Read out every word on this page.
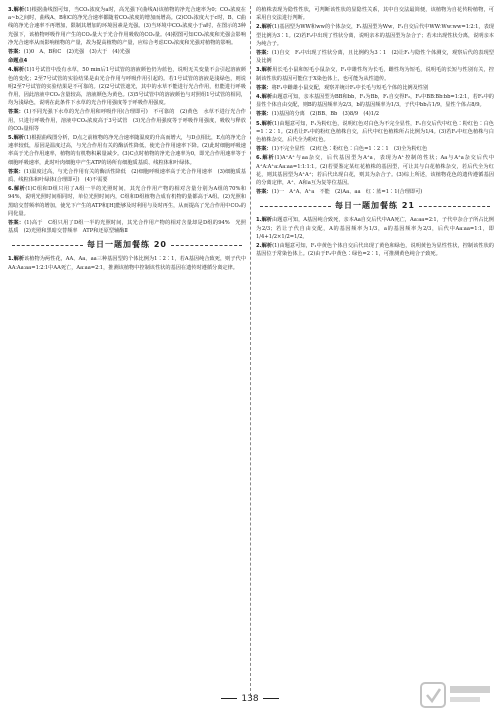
3.解析(1)根据曲线图可知，当CO₂浓度为a时，高光强下(曲线A)该植物的净光合速率为0；CO₂浓度在a~b之间时，曲线A、B和C的净光合速率都随着CO₂浓度的增加而增高。(2)CO₂浓度大于c时，B、C曲线的净光合速率不再增加，限制其增加的环境因素是光强。(3)当环境中CO₂浓度小于a时，在图示的3种光强下，该植物呼吸作用产生的CO₂量大于光合作用吸收的CO₂量。(4)据图可知CO₂浓度和光强会影响净光合速率从而影响植物的产量，故为提高植物的产量，应综合考虑CO₂浓度和光强对植物的影响。

答案：(1)0　A、B和C　(2)光强　(3)大于　(4)光强

命题点4

4.解析(1)1号试管中没有水草，50 min后1号试管的溶液颜色仍为蓝色，说明无关变量不会引起溶液颜色的变化；2至7号试管的实验结果是由光合作用与呼吸作用引起的。若1号试管的溶液是浅绿色，则说明2至7号试管的实验结果是不可靠的。(2)2号试管遮光，其中的水草不能进行光合作用，但能进行呼吸作用，因此溶液中CO₂含量较高，溶液颜色为黄色。(3)5号试管中的溶液颜色与对照组1号试管的相同，均为浅绿色，说明在此条件下水草的光合作用强度等于呼吸作用强度。

答案：(1)不同光强下水草的光合作用和呼吸作用(合理即可)　不可靠的　(2)黄色　水草不进行光合作用，只进行呼吸作用，溶液中CO₂浓度高于3号试管　(3)光合作用强度等于呼吸作用强度，吸收与释放的CO₂量相等

5.解析(1)根据曲线图分析，D点之前植物的净光合速率随温度的升高而增大，与D点相比，E点的净光合速率较低，原因是温度过高，与光合作用有关的酶活性降低，使光合作用速率下降。(2)此时细胞呼吸速率高于光合作用速率，植物的有机物积累量减少。(3)C点时植物的净光合速率为0，即光合作用速率等于细胞呼吸速率，此时叶肉细胞中产生ATP的场所有细胞质基质、线粒体和叶绿体。

答案：(1)温度过高，与光合作用有关的酶活性降低　(2)细胞呼吸速率高于光合作用速率　(3)细胞质基质、线粒体和叶绿体(合理即可)　(4)不需要

6.解析(1)C组和D组只用了A组一半的光照时间，其光合作用产物的相对含量分别为A组的70%和94%，说明光照时间相同时，单位光照时间内，C组和D组植物合成有机物的量都高于A组。(2)光照和黑暗交替频率的增加，使光下产生的ATP和[H]能够及时利用与及时再生，从而提高了光合作用中CO₂的同化量。

答案：(1)高于　C组只用了D组一半的光照时间，其光合作用产物的相对含量却是D组的94%　光照　基质　(2)光照和黑暗交替频率　ATP和还原型辅酶Ⅱ

每日一题加餐练 20

1.解析该植物为两性花，AA、Aa、aa三种基因型的个体比例为1∶2∶1，若A基因纯合致死，则子代中AA∶Aa∶aa=1∶2∶1中AA死亡，Aa∶aa=2∶1，推测该植物中控制该性状的基因在遗传时遵循分离定律。

的植株表现为隐性性状，可判断该性状的显隐性关系，其中自交法最简便，该植物为自花传粉植物，可采用自交法进行判断。

2.解析(1)基因型为WW和ww的个体杂交，F₁基因型为Ww，F₁自交后代中WW∶Ww∶ww=1∶2∶1，表现型比例为3∶1。(2)若F₂中出现了性状分离，说明亲本的基因型为杂合子；若未出现性状分离，说明亲本为纯合子。

答案：(1)自交　F₂中出现了性状分离，且比例约为3∶1　(2)让F₁与隐性个体测交，观察后代的表现型及比例

3.解析用长毛小鼠和短毛小鼠杂交，F₁中雄性均为长毛，雌性均为短毛，说明毛的长短与性别有关，控制该性状的基因可能位于X染色体上，也可能为从性遗传。

答案：将F₁中雌雄小鼠交配，观察并统计F₂中长毛与短毛个体的比例及性别

4.解析由题意可知，亲本基因型为BB和bb，F₁为Bb，F₁自交得F₂，F₂中BB∶Bb∶bb=1∶2∶1，若F₂中的显性个体自由交配，则B的基因频率为2/3，b的基因频率为1/3，子代中bb占1/9，显性个体占8/9。

答案：(1)基因的分离　(2)BB、Bb　(3)8/9　(4)1/2

5.解析(1)由题意可知，F₁为粉红色，说明红色对白色为不完全显性，F₁自交后代中红色∶粉红色∶白色=1∶2∶1。(2)若让F₂中的粉红色植株自交，后代中红色植株所占比例为1/4。(3)若F₂中红色植株与白色植株杂交，后代全为粉红色。

答案：(1)不完全显性　(2)红色∶粉红色∶白色=1∶2∶1　(3)全为粉红色

6.解析(1)A⁺A⁺与aa杂交，后代基因型为A⁺a，表现为A⁺控制的性状；Aa与A⁺a杂交后代中A⁺A∶A⁺a∶Aa∶aa=1∶1∶1∶1。(2)若要鉴定某红花植株的基因型，可让其与白花植株杂交，若后代全为红花，则其基因型为A⁺A⁺；若后代出现白花，则其为杂合子。(3)综上所述，该植物花色的遗传遵循基因的分离定律，A⁺、A和a互为复等位基因。

答案：(1)一　A⁺A、A⁺a　不能　(2)Aa、aa　红∶蓝=1∶1(合理即可)

每日一题加餐练 21

1.解析由题意可知，A基因纯合致死，亲本Aa自交后代中AA死亡，Aa∶aa=2∶1，子代中杂合子所占比例为2/3；若让子代自由交配，A的基因频率为1/3，a的基因频率为2/3，后代中Aa∶aa=1∶1，即1/4+1/2×1/2=1/2。

2.解析(1)由题意可知，F₁中黄色个体自交后代出现了黄色和绿色，说明黄色为显性性状，控制该性状的基因位于常染色体上。(2)由于F₂中黄色∶绿色=2∶1，可推测黄色纯合子致死。

138
